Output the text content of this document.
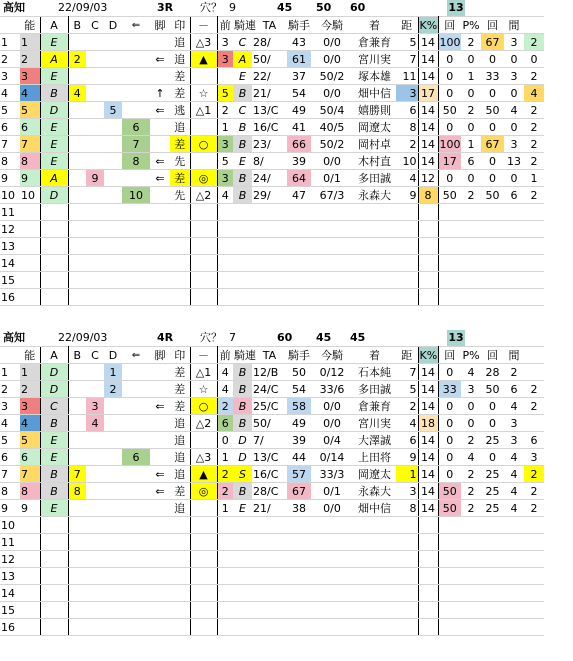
高知	22/09/03	3R 穴？ 9	45 50 60	13
	能	A	B	C	D	⇐	脚	印	－	前	騎連	TA	騎手	今騎	着	距	K%	回	P%	回	間	
1	1	E						追	△3	3	C	28/	43	0/0	倉兼育	5	14	100	2	67	3	2
2	2	A	2				⇐	追	▲	3	A	50/	61	0/0	宮川実	7	14	0	0	0	0	0
3	3	E						差			E	22/	37	50/2	塚本雄	11	14	0	1	33	3	2
4	4	B	4				↑	差	☆	5	B	21/	54	0/0	畑中信	3	17	0	0	0	0	4
5	5	D			5		⇐	逃	△1	2	C	13/C	49	50/4	嬉勝則	6	14	50	2	50	4	2
6	6	E				6		追		1	B	16/C	41	40/5	岡遼太	8	14	0	0	0	0	2
7	7	E				7		差	○	3	B	23/	66	50/2	岡村卓	2	14	100	1	67	3	2
8	8	E				8	⇐	先		5	E	8/	39	0/0	木村直	10	14	17	6	0	13	2
9	9	A		9			⇐	差	◎	3	B	24/	64	0/1	多田誠	4	12	0	0	0	0	1
10	10	D				10		先	△2	4	B	29/	47	67/3	永森大	9	8	50	2	50	6	2
11																						
12																						
13																						
14																						
15																						
16																						
高知	22/09/03	4R 穴？ 7	60 45 45	13
	能	A	B	C	D	⇐	脚	印	－	前	騎連	TA	騎手	今騎	着	距	K%	回	P%	回	間	
1	1	D			1			差	△1	4	B	12/B	50	0/12	石本純	7	14	0	4	28	2	
2	2	D			2			差	☆	4	B	24/C	54	33/6	多田誠	5	14	33	3	50	6	2
3	3	C		3			⇐	差	○	2	B	25/C	58	0/0	倉兼育	2	14	0	0	0	4	2
4	4	B		4				追	△2	6	B	50/	49	0/0	宮川実	4	18	0	0	0	3	
5	5	E						追		0	D	7/	39	0/4	大澤誠	6	14	0	2	25	3	6
6	6	E				6		追	△3	1	D	13/C	44	0/14	上田将	9	14	0	4	0	4	3
7	7	B	7				⇐	追	▲	2	S	16/C	57	33/3	岡遼太	1	14	0	2	25	4	2
8	8	B	8				⇐	差	◎	2	B	28/C	67	0/1	永森大	3	14	50	2	25	4	2
9	9	E						追		1	E	21/	38	0/0	畑中信	8	14	50	2	25	4	2
10																						
11																						
12																						
13																						
14																						
15																						
16																						
